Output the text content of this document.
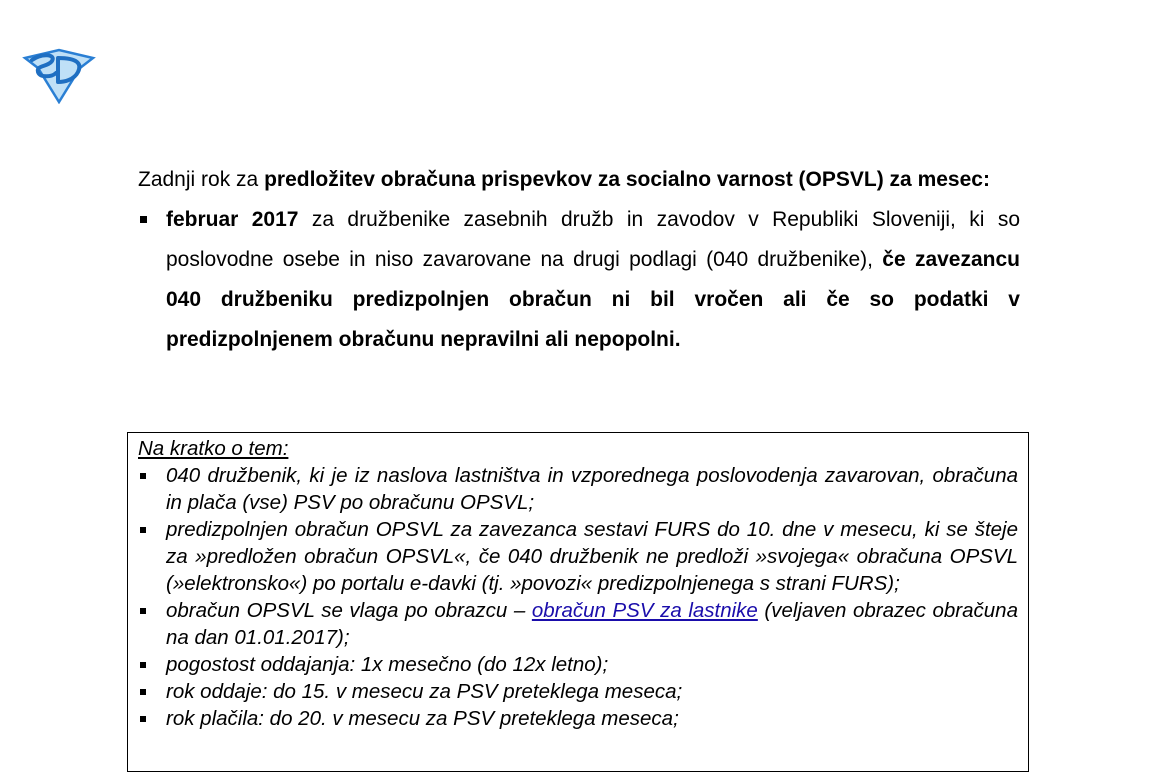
Zadnji rok za predložitev obračuna prispevkov za socialno varnost (OPSVL) za mesec:

februar 2017 za družbenike zasebnih družb in zavodov v Republiki Sloveniji, ki so poslovodne osebe in niso zavarovane na drugi podlagi (040 družbenike), če zavezancu 040 družbeniku predizpolnjen obračun ni bil vročen ali če so podatki v predizpolnjenem obračunu nepravilni ali nepopolni.

Na kratko o tem:

040 družbenik, ki je iz naslova lastništva in vzporednega poslovodenja zavarovan, obračuna in plača (vse) PSV po obračunu OPSVL;
predizpolnjen obračun OPSVL za zavezanca sestavi FURS do 10. dne v mesecu, ki se šteje za »predložen obračun OPSVL«, če 040 družbenik ne predloži »svojega« obračuna OPSVL (»elektronsko«) po portalu e-davki (tj. »povozi« predizpolnjenega s strani FURS);
obračun OPSVL se vlaga po obrazcu – obračun PSV za lastnike (veljaven obrazec obračuna na dan 01.01.2017);
pogostost oddajanja: 1x mesečno (do 12x letno);
rok oddaje: do 15. v mesecu za PSV preteklega meseca;
rok plačila: do 20. v mesecu za PSV preteklega meseca;
